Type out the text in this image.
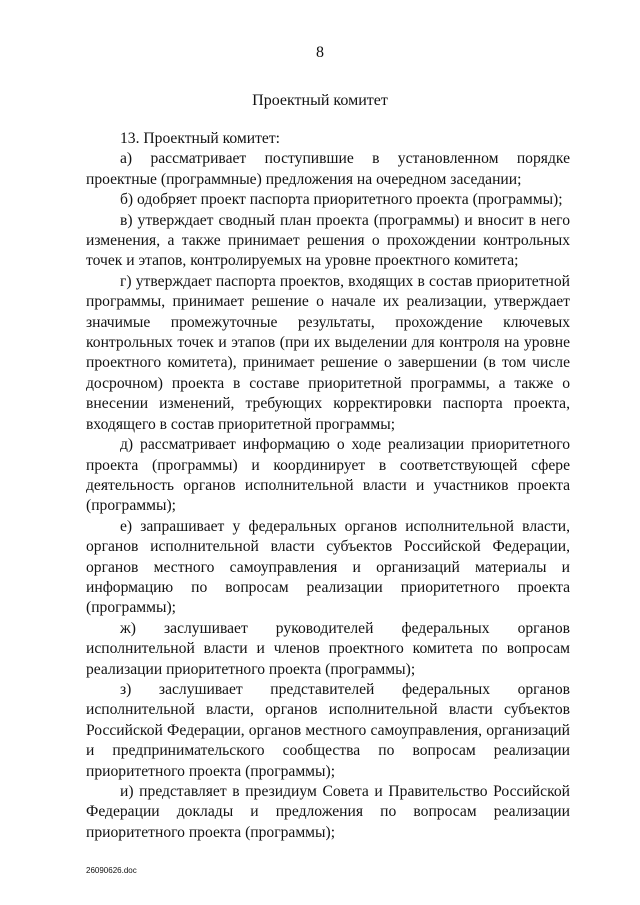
8
Проектный комитет

13. Проектный комитет:

а) рассматривает поступившие в установленном порядке проектные (программные) предложения на очередном заседании;

б) одобряет проект паспорта приоритетного проекта (программы);

в) утверждает сводный план проекта (программы) и вносит в него изменения, а также принимает решения о прохождении контрольных точек и этапов, контролируемых на уровне проектного комитета;

г) утверждает паспорта проектов, входящих в состав приоритетной программы, принимает решение о начале их реализации, утверждает значимые промежуточные результаты, прохождение ключевых контрольных точек и этапов (при их выделении для контроля на уровне проектного комитета), принимает решение о завершении (в том числе досрочном) проекта в составе приоритетной программы, а также о внесении изменений, требующих корректировки паспорта проекта, входящего в состав приоритетной программы;

д) рассматривает информацию о ходе реализации приоритетного проекта (программы) и координирует в соответствующей сфере деятельность органов исполнительной власти и участников проекта (программы);

е) запрашивает у федеральных органов исполнительной власти, органов исполнительной власти субъектов Российской Федерации, органов местного самоуправления и организаций материалы и информацию по вопросам реализации приоритетного проекта (программы);

ж) заслушивает руководителей федеральных органов исполнительной власти и членов проектного комитета по вопросам реализации приоритетного проекта (программы);

з) заслушивает представителей федеральных органов исполнительной власти, органов исполнительной власти субъектов Российской Федерации, органов местного самоуправления, организаций и предпринимательского сообщества по вопросам реализации приоритетного проекта (программы);

и) представляет в президиум Совета и Правительство Российской Федерации доклады и предложения по вопросам реализации приоритетного проекта (программы);

26090626.doc
